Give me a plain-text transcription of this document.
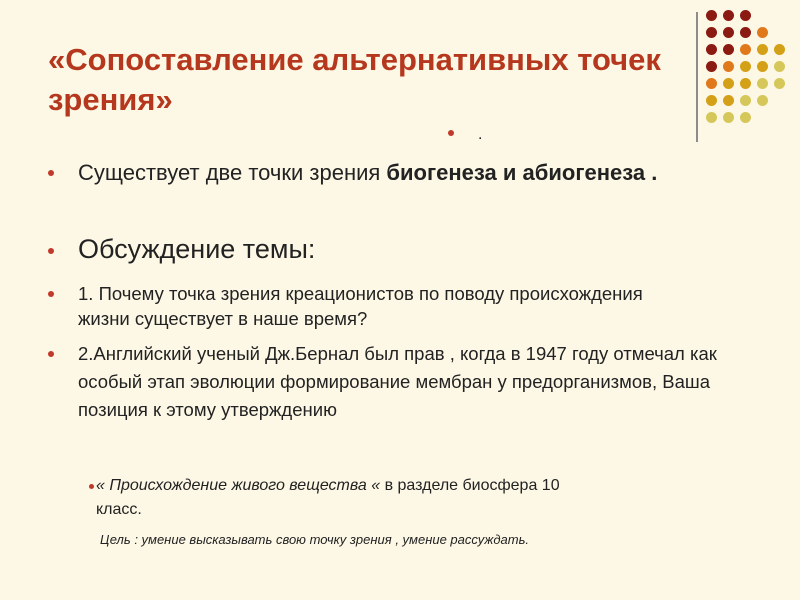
«Сопоставление альтернативных точек зрения»
.
Существует две точки зрения биогенеза и абиогенеза .
Обсуждение темы:
1. Почему точка зрения креационистов по поводу происхождения жизни существует в наше время?
2.Английский ученый Дж.Бернал был прав , когда в 1947 году отмечал как особый этап эволюции формирование мембран у предорганизмов, Ваша позиция к этому утверждению
« Происхождение живого вещества « в разделе биосфера 10 класс.
Цель : умение высказывать свою точку зрения , умение рассуждать.
